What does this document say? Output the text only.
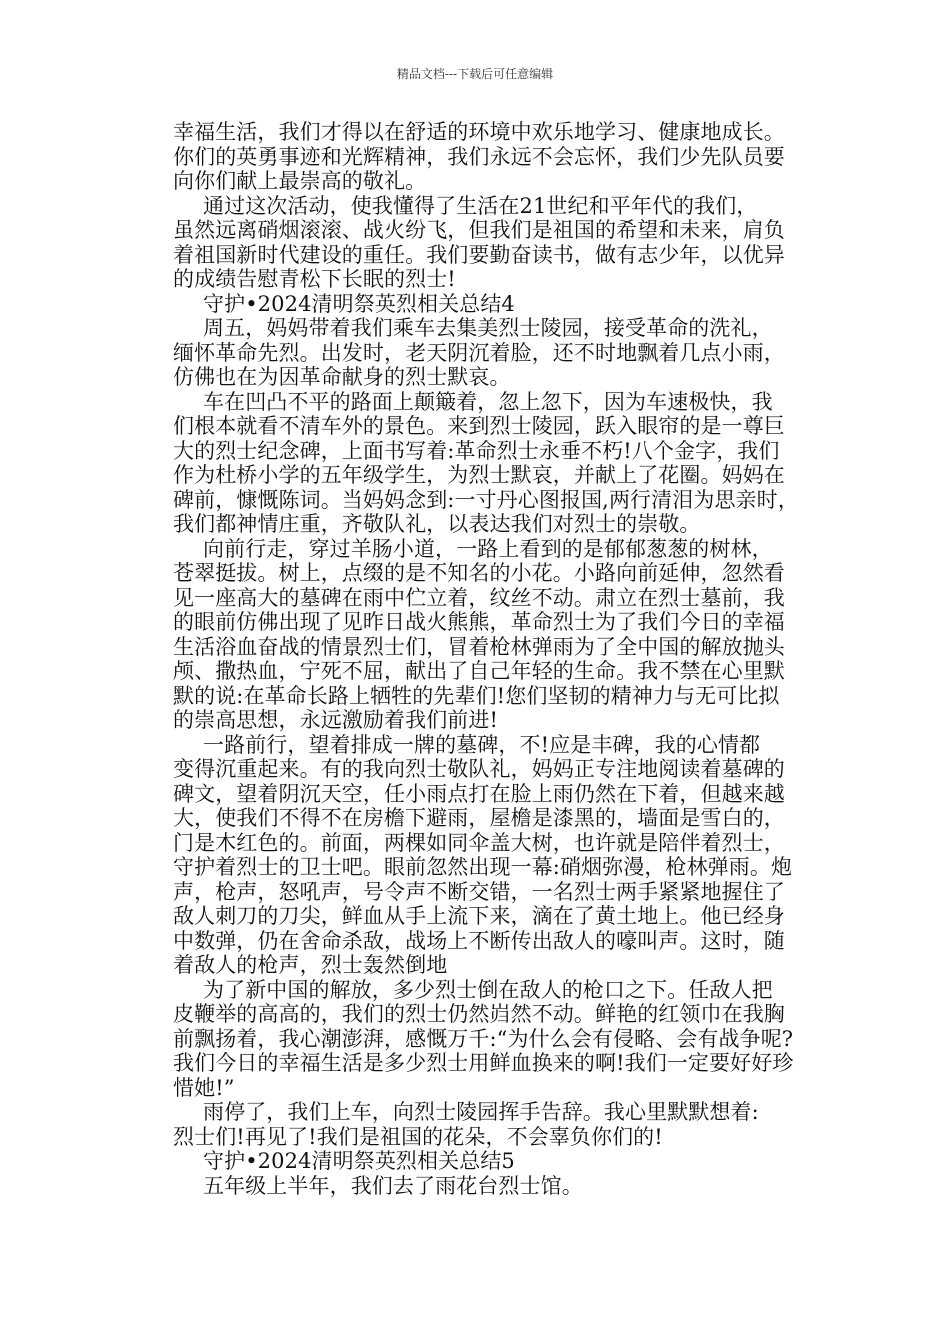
精品文档---下载后可任意编辑
幸福生活，我们才得以在舒适的环境中欢乐地学习、健康地成长。
你们的英勇事迹和光辉精神，我们永远不会忘怀，我们少先队员要
向你们献上最崇高的敬礼。
通过这次活动，使我懂得了生活在21世纪和平年代的我们，
虽然远离硝烟滚滚、战火纷飞，但我们是祖国的希望和未来，肩负
着祖国新时代建设的重任。我们要勤奋读书，做有志少年，以优异
的成绩告慰青松下长眠的烈士!
守护•2024清明祭英烈相关总结4
周五，妈妈带着我们乘车去集美烈士陵园，接受革命的洗礼，
缅怀革命先烈。出发时，老天阴沉着脸，还不时地飘着几点小雨，
仿佛也在为因革命献身的烈士默哀。
车在凹凸不平的路面上颠簸着，忽上忽下，因为车速极快，我
们根本就看不清车外的景色。来到烈士陵园，跃入眼帘的是一尊巨
大的烈士纪念碑，上面书写着:革命烈士永垂不朽!八个金字，我们
作为杜桥小学的五年级学生，为烈士默哀，并献上了花圈。妈妈在
碑前，慷慨陈词。当妈妈念到:一寸丹心图报国,两行清泪为思亲时，
我们都神情庄重，齐敬队礼，以表达我们对烈士的崇敬。
向前行走，穿过羊肠小道，一路上看到的是郁郁葱葱的树林，
苍翠挺拔。树上，点缀的是不知名的小花。小路向前延伸，忽然看
见一座高大的墓碑在雨中伫立着，纹丝不动。肃立在烈士墓前，我
的眼前仿佛出现了见昨日战火熊熊，革命烈士为了我们今日的幸福
生活浴血奋战的情景烈士们，冒着枪林弹雨为了全中国的解放抛头
颅、撒热血，宁死不屈，献出了自己年轻的生命。我不禁在心里默
默的说:在革命长路上牺牲的先辈们!您们坚韧的精神力与无可比拟
的崇高思想，永远激励着我们前进!
一路前行，望着排成一牌的墓碑，不!应是丰碑，我的心情都
变得沉重起来。有的我向烈士敬队礼，妈妈正专注地阅读着墓碑的
碑文，望着阴沉天空，任小雨点打在脸上雨仍然在下着，但越来越
大，使我们不得不在房檐下避雨，屋檐是漆黑的，墙面是雪白的，
门是木红色的。前面，两棵如同伞盖大树，也许就是陪伴着烈士，
守护着烈士的卫士吧。眼前忽然出现一幕:硝烟弥漫，枪林弹雨。炮
声，枪声，怒吼声，号令声不断交错，一名烈士两手紧紧地握住了
敌人刺刀的刀尖，鲜血从手上流下来，滴在了黄土地上。他已经身
中数弹，仍在舍命杀敌，战场上不断传出敌人的嚎叫声。这时，随
着敌人的枪声，烈士轰然倒地
为了新中国的解放，多少烈士倒在敌人的枪口之下。任敌人把
皮鞭举的高高的，我们的烈士仍然岿然不动。鲜艳的红领巾在我胸
前飘扬着，我心潮澎湃，感慨万千:“为什么会有侵略、会有战争呢?
我们今日的幸福生活是多少烈士用鲜血换来的啊!我们一定要好好珍
惜她!”
雨停了，我们上车，向烈士陵园挥手告辞。我心里默默想着:
烈士们!再见了!我们是祖国的花朵，不会辜负你们的!
守护•2024清明祭英烈相关总结5
五年级上半年，我们去了雨花台烈士馆。
